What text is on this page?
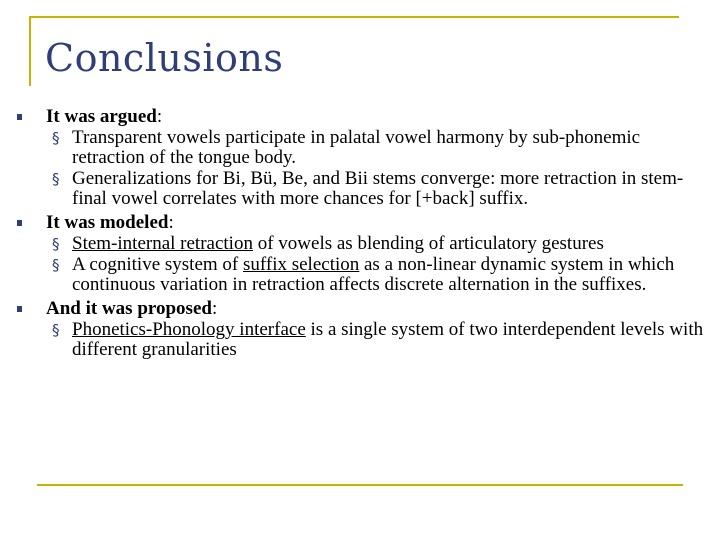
Conclusions
It was argued:
§ Transparent vowels participate in palatal vowel harmony by sub-phonemic retraction of the tongue body.
§ Generalizations for Bi, Bü, Be, and Bii stems converge: more retraction in stem-final vowel correlates with more chances for [+back] suffix.
It was modeled:
§ Stem-internal retraction of vowels as blending of articulatory gestures
§ A cognitive system of suffix selection as a non-linear dynamic system in which continuous variation in retraction affects discrete alternation in the suffixes.
And it was proposed:
§ Phonetics-Phonology interface is a single system of two interdependent levels with different granularities
